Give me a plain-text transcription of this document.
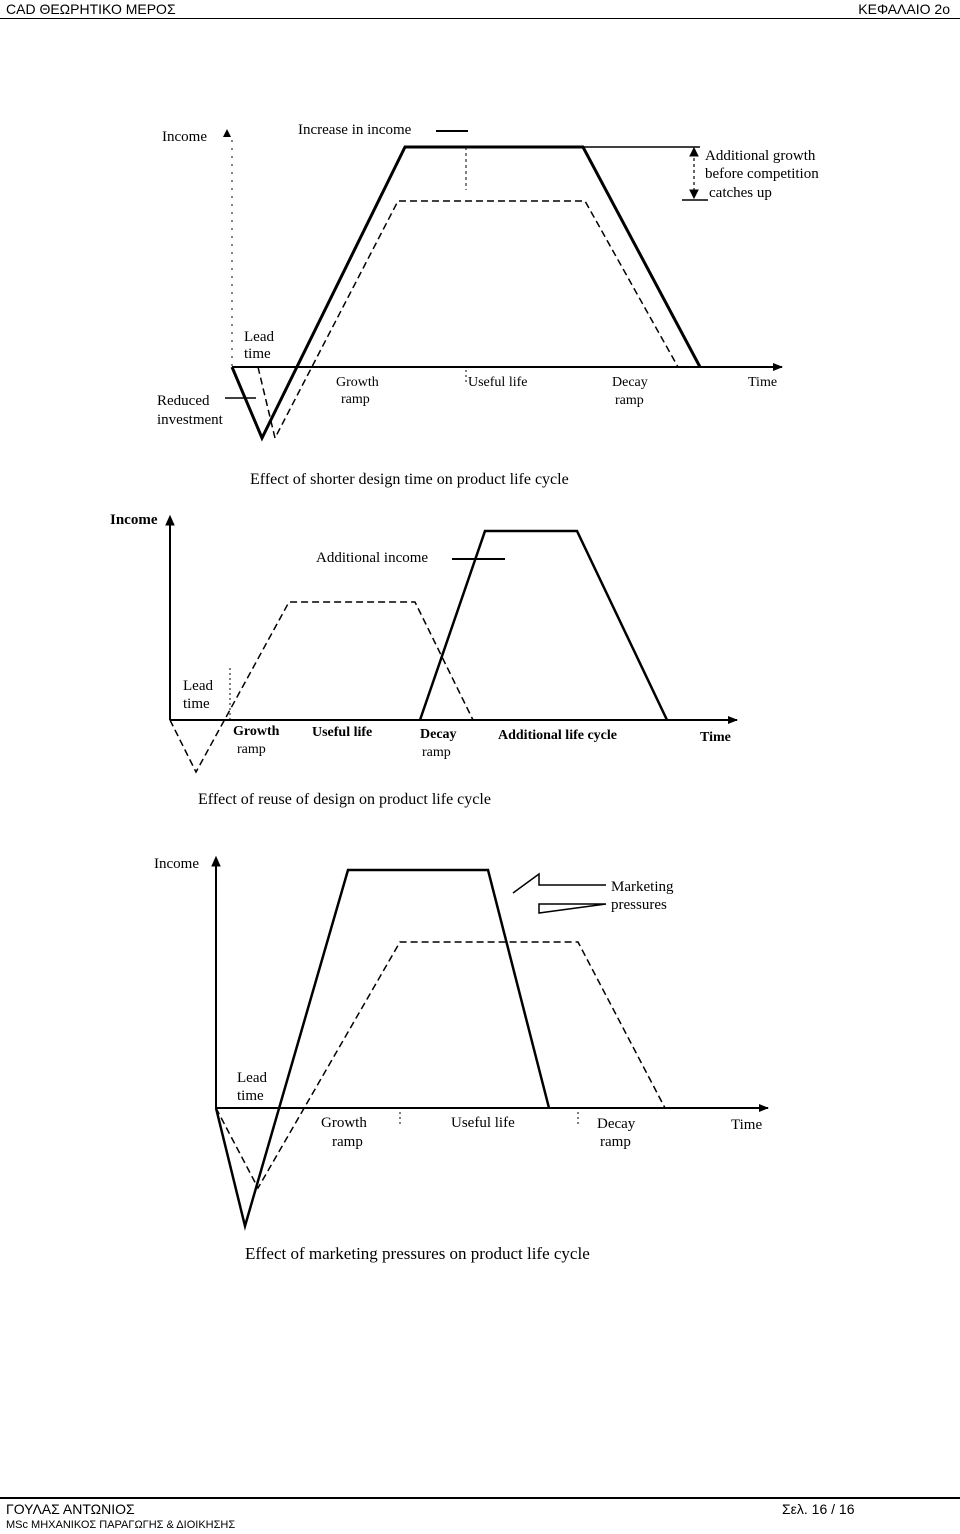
CAD ΘΕΩΡΗΤΙΚΟ ΜΕΡΟΣ	ΚΕΦΑΛΑΙΟ 2ο
Income	Increase in income
Additional growth
before competition
catches up
Lead
time
Reduced
investment
Growth
ramp
Useful life	Decay
ramp
Time
Effect of shorter design time on product life cycle
Income
Additional income
Lead
time
Growth
ramp
Useful life	Decay
ramp
Additional life cycle	Time
Effect of reuse of design on product life cycle
Income
Marketing
pressures
Lead
time
Growth
ramp
Useful life	Decay
ramp
Time
Effect of marketing pressures on product life cycle
ΓΟΥΛΑΣ ΑΝΤΩΝΙΟΣ
MSc ΜΗΧΑΝΙΚΟΣ ΠΑΡΑΓΩΓΗΣ & ΔΙΟΙΚΗΣΗΣ
Σελ. 16 / 16
